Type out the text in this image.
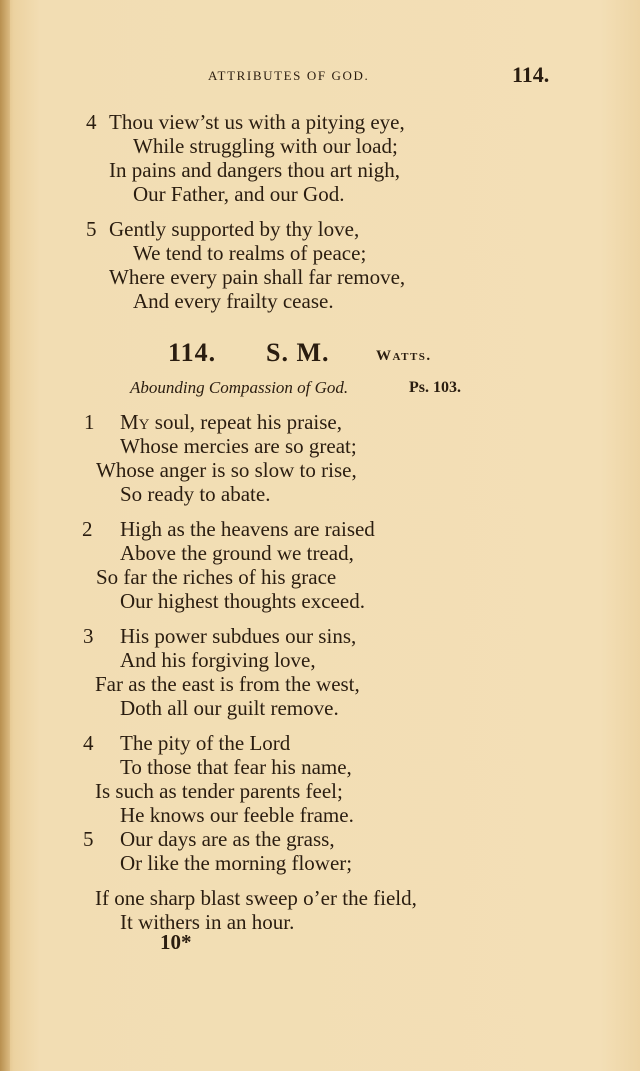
ATTRIBUTES OF GOD.	114.
4 Thou view’st us with a pitying eye,
While struggling with our load;
In pains and dangers thou art nigh,
Our Father, and our God.
5 Gently supported by thy love,
We tend to realms of peace;
Where every pain shall far remove,
And every frailty cease.
114. S. M.	Watts.
Abounding Compassion of God.	Ps. 103.
1 My soul, repeat his praise,
Whose mercies are so great;
Whose anger is so slow to rise,
So ready to abate.
2 High as the heavens are raised
Above the ground we tread,
So far the riches of his grace
Our highest thoughts exceed.
3 His power subdues our sins,
And his forgiving love,
Far as the east is from the west,
Doth all our guilt remove.
4 The pity of the Lord
To those that fear his name,
Is such as tender parents feel;
He knows our feeble frame.
5 Our days are as the grass,
Or like the morning flower;
If one sharp blast sweep o’er the field,
It withers in an hour.
10*
